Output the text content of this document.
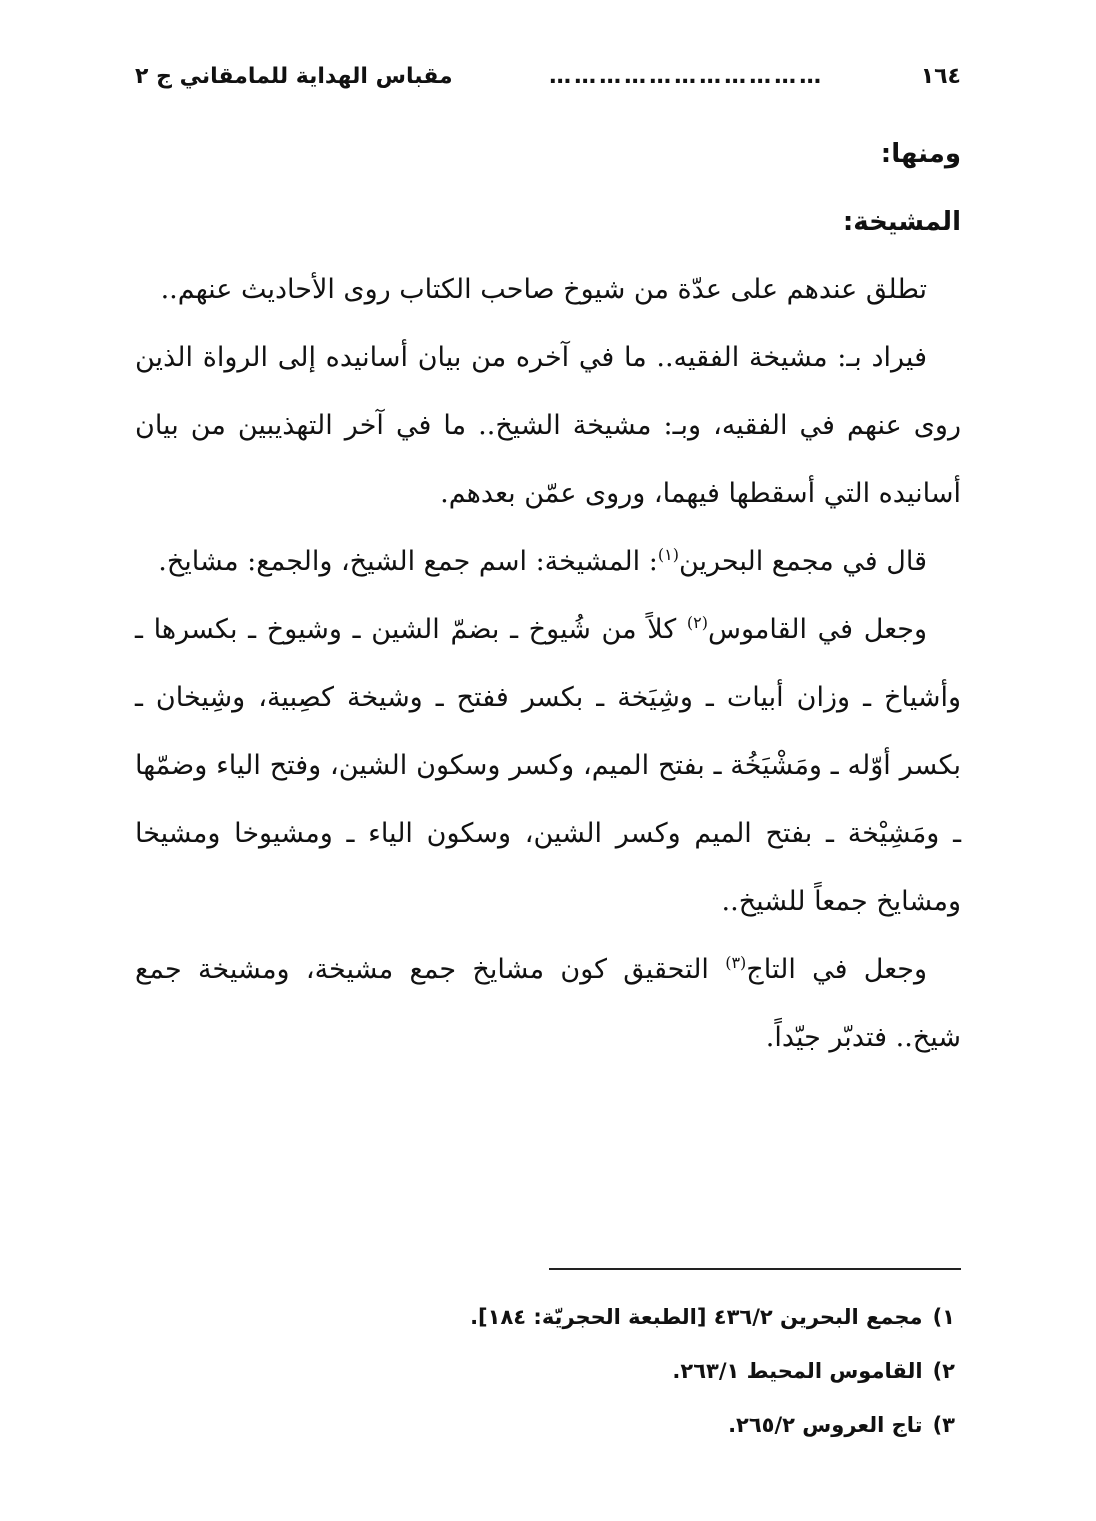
١٦٤
……………………………
مقباس الهداية للمامقاني ج ٢

ومنها:

المشيخة:

تطلق عندهم على عدّة من شيوخ صاحب الكتاب روى الأحاديث عنهم..

فيراد بـ: مشيخة الفقيه.. ما في آخره من بيان أسانيده إلى الرواة الذين روى عنهم في الفقيه، وبـ: مشيخة الشيخ.. ما في آخر التهذيبين من بيان أسانيده التي أسقطها فيهما، وروى عمّن بعدهم.

قال في مجمع البحرين$^{(١)}$: المشيخة: اسم جمع الشيخ، والجمع: مشايخ.

وجعل في القاموس$^{(٢)}$ كلاً من شُيوخ ـ بضمّ الشين ـ وشيوخ ـ بكسرها ـ وأشياخ ـ وزان أبيات ـ وشِيَخة ـ بكسر ففتح ـ وشيخة كصِبية، وشِيخان ـ بكسر أوّله ـ ومَشْيَخُة ـ بفتح الميم، وكسر وسكون الشين، وفتح الياء وضمّها ـ ومَشِيْخة ـ بفتح الميم وكسر الشين، وسكون الياء ـ ومشيوخا ومشيخا ومشايخ جمعاً للشيخ..

وجعل في التاج$^{(٣)}$ التحقيق كون مشايخ جمع مشيخة، ومشيخة جمع شيخ.. فتدبّر جيّداً.

١)مجمع البحرين ٤٣٦/٢ [الطبعة الحجريّة: ١٨٤].

٢)القاموس المحيط ٢٦٣/١.

٣)تاج العروس ٢٦٥/٢.
